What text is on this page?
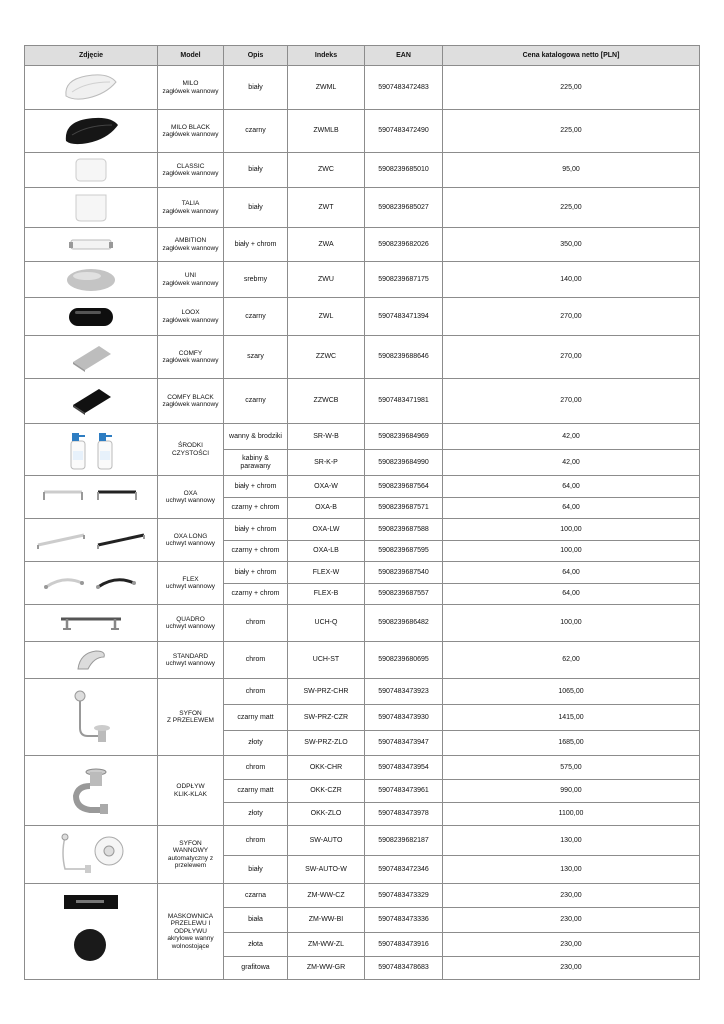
Zdjęcie	Model	Opis	Indeks	EAN	Cena katalogowa netto [PLN]

MILO
zagłówek wannowy	biały	ZWML	5907483472483	225,00

MILO BLACK
zagłówek wannowy	czarny	ZWMLB	5907483472490	225,00

CLASSIC
zagłówek wannowy	biały	ZWC	5908239685010	95,00

TALIA
zagłówek wannowy	biały	ZWT	5908239685027	225,00

AMBITION
zagłówek wannowy	biały + chrom	ZWA	5908239682026	350,00

UNI
zagłówek wannowy	srebrny	ZWU	5908239687175	140,00

LOOX
zagłówek wannowy	czarny	ZWL	5907483471394	270,00

COMFY
zagłówek wannowy	szary	ZZWC	5908239688646	270,00

COMFY BLACK
zagłówek wannowy	czarny	ZZWCB	5907483471981	270,00

ŚRODKI
CZYSTOŚCI	wanny & brodziki	SR-W-B	5908239684969	42,00
		kabiny & parawany	SR-K-P	5908239684990	42,00

OXA
uchwyt wannowy	biały + chrom	OXA-W	5908239687564	64,00
		czarny + chrom	OXA-B	5908239687571	64,00

OXA LONG
uchwyt wannowy	biały + chrom	OXA-LW	5908239687588	100,00
		czarny + chrom	OXA-LB	5908239687595	100,00

FLEX
uchwyt wannowy	biały + chrom	FLEX-W	5908239687540	64,00
		czarny + chrom	FLEX-B	5908239687557	64,00

QUADRO
uchwyt wannowy	chrom	UCH-Q	5908239686482	100,00

STANDARD
uchwyt wannowy	chrom	UCH-ST	5908239680695	62,00

SYFON
Z PRZELEWEM	chrom	SW-PRZ-CHR	5907483473923	1065,00
		czarny matt	SW-PRZ-CZR	5907483473930	1415,00
		złoty	SW-PRZ-ZLO	5907483473947	1685,00

ODPŁYW
KLIK-KLAK	chrom	OKK-CHR	5907483473954	575,00
		czarny matt	OKK-CZR	5907483473961	990,00
		złoty	OKK-ZLO	5907483473978	1100,00

SYFON
WANNOWY
automatyczny z przelewem	chrom	SW-AUTO	5908239682187	130,00
		biały	SW-AUTO-W	5907483472346	130,00

MASKOWNICA
PRZELEWU I ODPŁYWU
akrylowe wanny wolnostojące	czarna	ZM-WW-CZ	5907483473329	230,00
		biała	ZM-WW-BI	5907483473336	230,00
		złota	ZM-WW-ZL	5907483473916	230,00
		grafitowa	ZM-WW-GR	5907483478683	230,00
